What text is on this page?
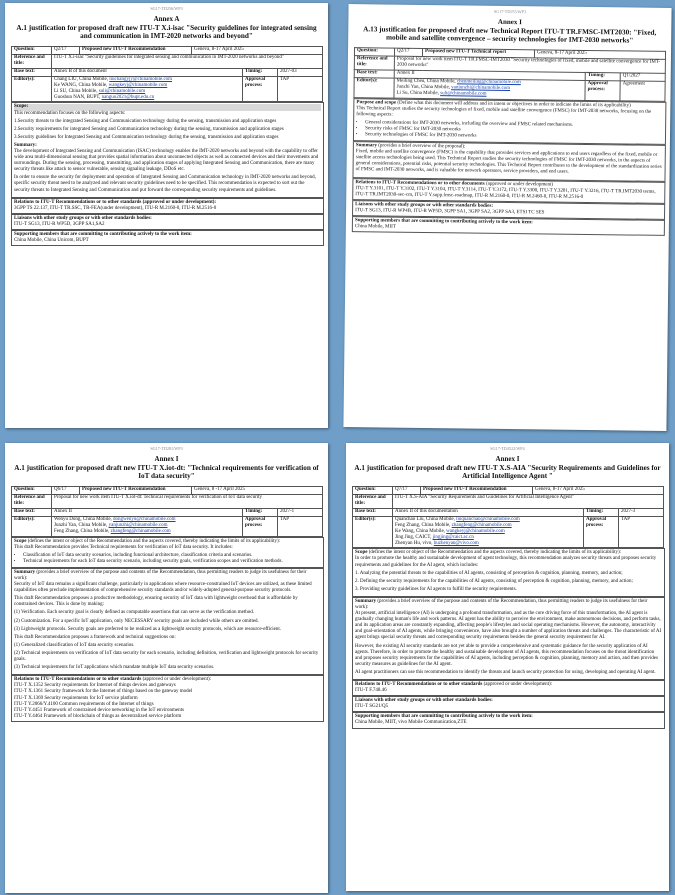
SG17-TD256/WP3
Annex A
A.1 justification for proposed draft new ITU-T X.i-isac "Security guidelines for integrated sensing and communication in IMT-2020 networks and beyond"
Question:	Q2/17	Proposed new ITU-T Recommendation	Geneva, 8-17 April 2025		
Reference and title:	ITU-T X.i-isac "Security guidelines for integrated sensing and communication in IMT-2020 networks and beyond"				
Base text:	Annex B of this document			Timing:	2027-03
Editor(s):	Chang LIU, China Mobile, liuchangyjy@chinamobile.com
Ke WANG, China Mobile, wangkeyj@chinamobile.com
Li SU, China Mobile, suli@chinamobile.com
Guoshun NAN, BUPT, nanguo2021@bupt.edu.cn			Approval process:	TAP
Scope:

This recommendation focuses on the following aspects:

1.Security threats to the integrated Sensing and Communication technology during the sensing, transmission and application stages

2.Security requirements for integrated Sensing and Communication technology during the sensing, transmission and application stages

3.Security guidelines for Integrated Sensing and Communication technology during the sensing, transmission and application stages

Summary:

The development of Integrated Sensing and Communication (ISAC) technology enables the IMT-2020 networks and beyond with the capability to offer wide area multi-dimensional sensing that provides spatial information about unconnected objects as well as connected devices and their movements and surroundings. During the sensing, processing, transmitting, and application stages of applying Integrated Sensing and Communication, there are many security threats like attack to sensor vulnerable, sensing signaling leakage, DDoS etc.

In order to ensure the security for deployment and operation of Integrated Sensing and Communication technology in IMT-2020 networks and beyond, specific security threat need to be analyzed and relevant security guidelines need to be specified. This recommendation is expected to sort out the security threats to Integrated Sensing and Communication and put forward the corresponding security requirements and guidelines.

Relations to ITU-T Recommendations or to other standards (approved or under development):
3GPP TS 22.137, ITU-T TR.SSC, TR-FEA(under development), ITU-R M.2160-0, ITU-R M.2516-0
Liaisons with other study groups or with other standards bodies:
ITU-T SG13, ITU-R WP5D, 3GPP SA1,SA2
Supporting members that are committing to contributing actively to the work item:
China Mobile, China Unicom, BUPT
SG17-TD255/WP3
Annex I
A.13 justification for proposed draft new Technical Report ITU-T TR.FMSC-IMT2030: "Fixed, mobile and satellite convergence – security technologies for IMT-2030 networks"
Question:	Q2/17	Proposed new ITU-T Technical report	Geneva, 8-17 April 2025		
Reference and title:	Proposal for new work item ITU-T TR.FMSC-IMT2030 "Security technologies of fixed, mobile and satellite convergence for IMT-2030 networks"				
Base text:	Annex II			Timing:	Q1/2027
Editor(s):	Meiling Chen, China Mobile, chenmeiling@chinamobile.com
Junzhi Yan, China Mobile, yanjunzhi@chinamobile.com
Li Su, China Mobile, suli@chinamobile.com			Approval process:	Agreement
Purpose and scope (Define what this document will address and its intent or objectives in order to indicate the limits of its applicability)

This Technical Report studies the security technologies of fixed, mobile and satellite convergence (FMSC) for IMT-2030 networks, focusing on the following aspects:

• General considerations for IMT-2030 networks, including the overview and FMSC related mechanisms.
• Security risks of FMSC for IMT-2030 networks
• Security technologies of FMSC for IMT-2030 networks
Summary (provides a brief overview of the proposal):

Fixed, mobile and satellite convergence (FMSC) is the capability that provides services and applications to end users regardless of the fixed, mobile or satellite access technologies being used. This Technical Report studies the security technologies of FMSC for IMT-2030 networks, in the aspects of general considerations, potential risks, potential security technologies. This Technical Report contributes to the development of the standardization series of FMSC and IMT-2030 networks, and is valuable for network operators, service providers, and end users.

Relations to ITU-T Recommendations or to other documents (approved or under development)
ITU-T Y.3101, ITU-T Y.3102, ITU-T Y.3104, ITU-T Y.3114, ITU-T Y.3172, ITU-T Y.3300, ITU-T Y.3201, ITU-T Y.3216, ITU-T TR.IMT2030 terms, ITU-T TR.IMT2030-sec-cm, ITU-T Y.supp.fmsc-roadmap, ITU-R M.2160-0, ITU-R M.2460-0, ITU-R M.2516-0
Liaisons with other study groups or with other standards bodies:
ITU-T SG13, ITU-R WP4B, ITU-R WP5D, 3GPP SA1, 3GPP SA2, 3GPP SA3, ETSI TC SES
Supporting members that are committing to contributing actively to the work item:
China Mobile, MIIT
SG17-TD281/WP3
Annex I
A.1 justification for proposed draft new ITU-T X.iot-dt: "Technical requirements for verification of IoT data security"
Question:	Q6/17	Proposed new ITU-T Recommendation	Geneva, 8 -17 April 2025		
Reference and title:	Proposal for new work item ITU-T X.iot-dt: Technical requirements for verification of IoT data security				
Base text:	Annex II			Timing:	2027-1
Editor(s):	Wenyu Dong, China Mobile, dongwenyu@chinamobile.com
Junzhi Yan, China Mobile, yanjunzhi@chinamobile.com
Feng Zhang, China Mobile, zhangfeng@chinamobile.com			Approval process:	TAP
Scope (defines the intent or object of the Recommendation and the aspects covered, thereby indicating the limits of its applicability):

This draft Recommendation provides Technical requirements for verification of IoT data security. It includes:

• Classification of IoT data security scenarios, including functional architecture, classification criteria and scenarios.
• Technical requirements for each IoT data security scenario, including security goals, verification scopes and verification methods.
Summary (provides a brief overview of the purpose and contents of the Recommendation, thus permitting readers to judge its usefulness for their work):

Security of IoT data remains a significant challenge, particularly in applications where resource-constrained IoT devices are utilized, as these limited capabilities often preclude implementation of comprehensive security standards and/or widely-adopted general-purpose security protocols.

This draft Recommendation proposes a productive methodology, ensuring security of IoT data with lightweight overhead that is affordable by constrained devices. This is done by making:

(1) Verification. Each security goal is clearly defined as computable assertions that can serve as the verification method.

(2) Customization. For a specific IoT application, only NECESSARY security goals are included while others are omitted.

(3) Lightweight protocols. Security goals are preferred to be realized as a lightweight security protocols, which are resource-efficient.

This draft Recommendation proposes a framework and technical suggestions on:

(1) Generalized classification of IoT data security scenarios.

(2) Technical requirements on verification of IoT data security for each scenario, including definition, verification and lightweight protocols for security goals.

(3) Technical requirements for IoT applications which mandate multiple IoT data security scenarios.

Relations to ITU-T Recommendations or to other standards (approved or under development):
ITU-T X.1352 Security requirements for Internet of things devices and gateways
ITU-T X.1361 Security framework for the Internet of things based on the gateway model
ITU-T X.1369 Security requirements for IoT service platform
ITU-T Y.2066/Y.4100 Common requirements of the Internet of things
ITU-T Y.4451 Framework of constrained device networking in the IoT environments
ITU-T Y.4464 Framework of blockchain of things as decentralized service platform
SG17-TD4522/WP4
Annex I
A.1 justification for proposed draft new ITU-T X.S-AIA "Security Requirements and Guidelines for Artificial Intelligence Agent "
Question:	Q7/17	Proposed new ITU-T Recommendation	Geneva, 8-17 April 2025		
Reference and title:	ITU-T X.S-AIA "Security Requirements and Guidelines for Artificial Intelligence Agent"				
Base text:	Annex II of this documentation			Timing:	2027-3
Editor(s):	Quanchao Liu, China Mobile, liuquanchao@chinamobile.com
Feng Zhang, China Mobile, zhangfeng@chinamobile.com
Ke Wang, China Mobile, wangkeyj@chinamobile.com
Jing Jing, CAICT, jingjing@caict.ac.cn
Zhenyan Hu, vivo, huzhenyan@vivo.com			Approval process:	TAP
Scope (defines the intent or object of the Recommendation and the aspects covered, thereby indicating the limits of its applicability):

In order to promote the healthy and sustainable development of agent technology, this recommendation analyzes security threats and proposes security requirements and guidelines for the AI agent, which includes:

1. Analyzing the potential threats to the capabilities of AI agents, consisting of perception & cognition, planning, memory, and action;

2. Defining the security requirements for the capabilities of AI agents, consisting of perception & cognition, planning, memory, and action;

3. Providing security guidelines for AI agents to fulfill the security requirements.

Summary (provides a brief overview of the purpose and contents of the Recommendation, thus permitting readers to judge its usefulness for their work):

At present, artificial intelligence (AI) is undergoing a profound transformation, and as the core driving force of this transformation, the AI agent is gradually changing human's life and work patterns. AI agent has the ability to perceive the environment, make autonomous decisions, and perform tasks, and its application areas are constantly expanding, affecting people's lifestyles and social operating mechanisms. However, the autonomy, interactivity and goal-orientation of AI agents, while bringing convenience, have also brought a number of application threats and challenges. The characteristic of AI agent brings special security threats and corresponding security requirements besides the general security requirement for AI.

However, the existing AI security standards are not yet able to provide a comprehensive and systematic guidance for the security application of AI agents. Therefore, in order to promote the healthy and sustainable development of AI agents, this recommendation focuses on the threat identification and proposes security requirements for the capabilities of AI agents, including perception & cognition, planning, memory and action, and then provides security measures as guidelines for the AI agent.

AI agent practitioners can use this recommendation to identify the threats and launch security protection for using, developing and operating AI agent.

Relations to ITU-T Recommendations or to other standards (approved or under development):
ITU-T F.748.46
Liaisons with other study groups or with other standards bodies:
ITU-T SG21/Q5
Supporting members that are committing to contributing actively to the work item:
China Mobile, MIIT, vivo Mobile Communication,ZTE
